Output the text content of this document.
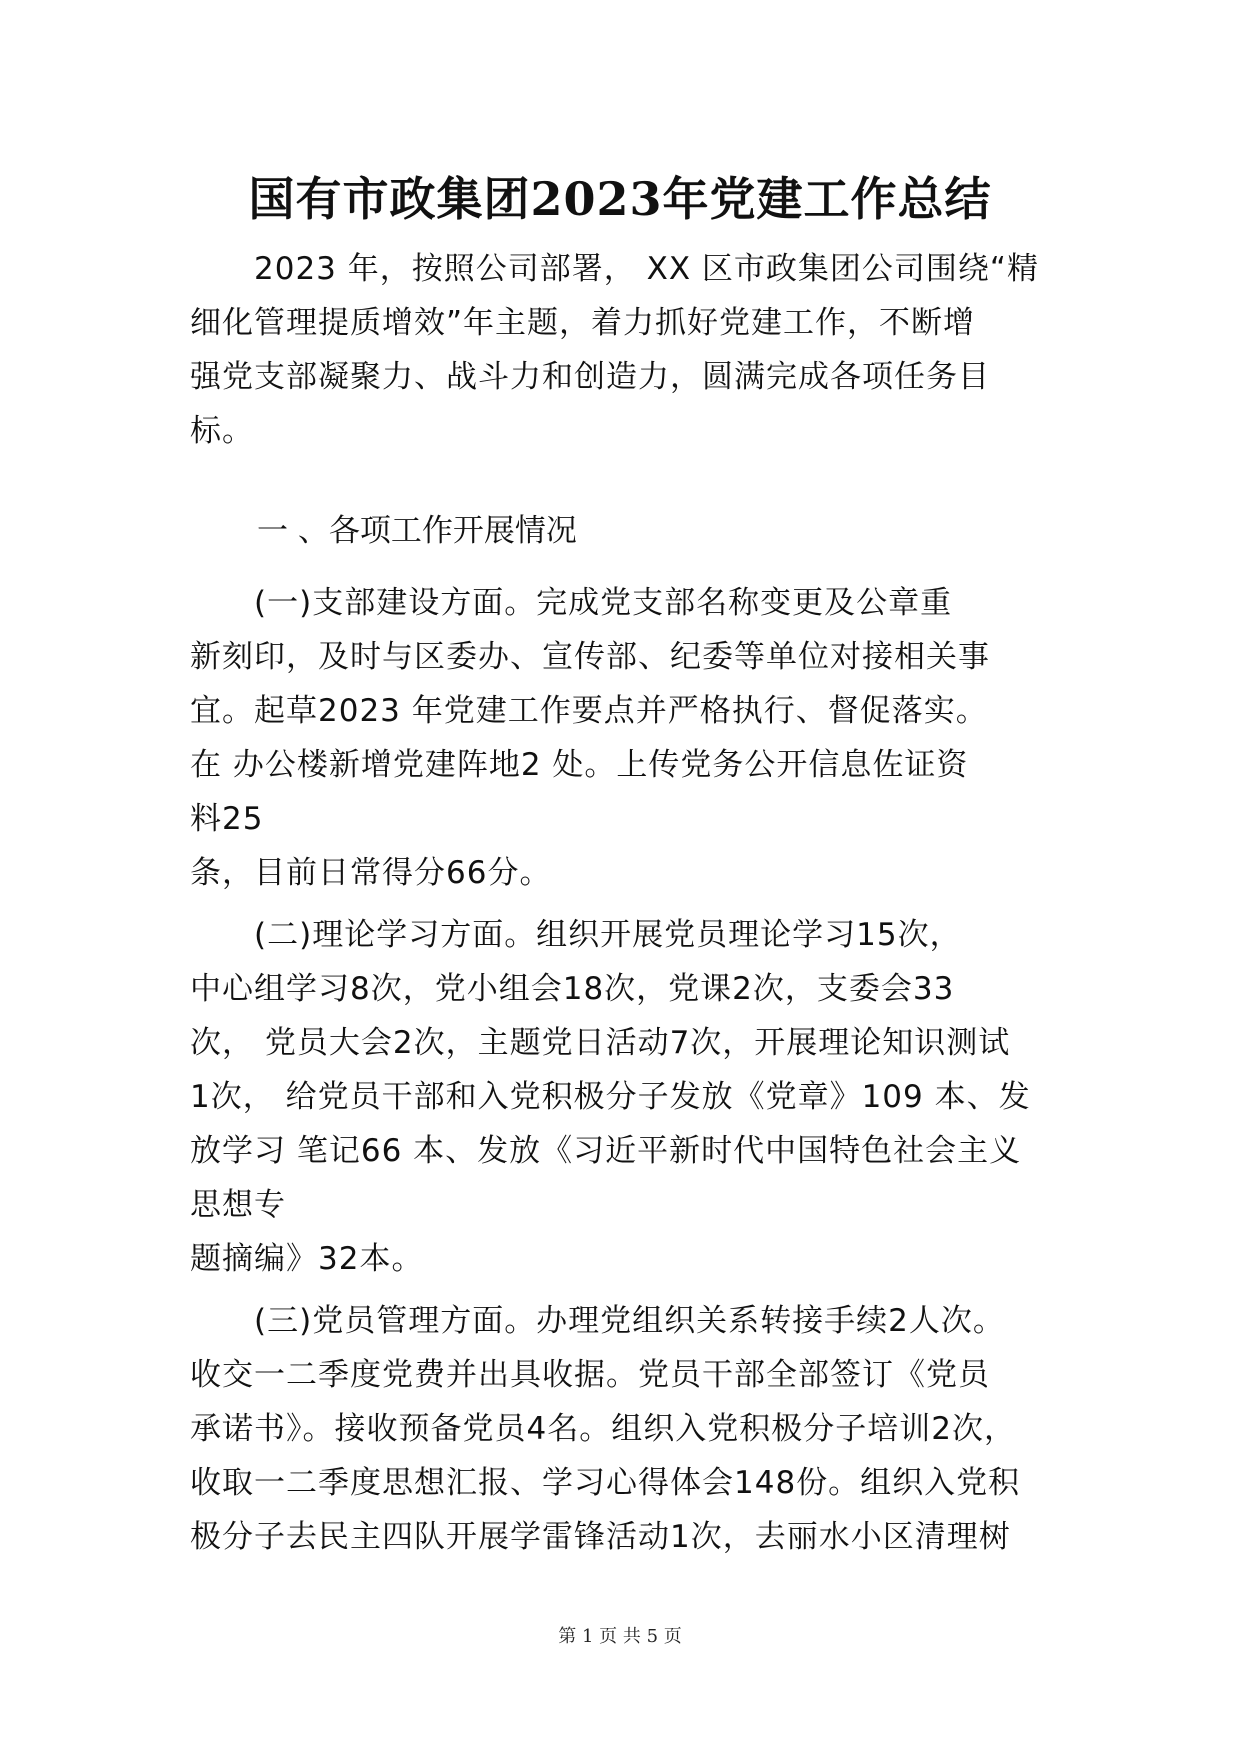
国有市政集团2023年党建工作总结

　　2023 年，按照公司部署， XX 区市政集团公司围绕“精
细化管理提质增效”年主题，着力抓好党建工作，不断增
强党支部凝聚力、战斗力和创造力，圆满完成各项任务目
标。

一 、各项工作开展情况

　　(一)支部建设方面。完成党支部名称变更及公章重
新刻印，及时与区委办、宣传部、纪委等单位对接相关事
宜。起草2023 年党建工作要点并严格执行、督促落实。
在 办公楼新增党建阵地2 处。上传党务公开信息佐证资
料25
条，目前日常得分66分。

　　(二)理论学习方面。组织开展党员理论学习15次，
中心组学习8次，党小组会18次，党课2次，支委会33
次， 党员大会2次，主题党日活动7次，开展理论知识测试
1次， 给党员干部和入党积极分子发放《党章》109 本、发
放学习 笔记66 本、发放《习近平新时代中国特色社会主义
思想专
题摘编》32本。

　　(三)党员管理方面。办理党组织关系转接手续2人次。
收交一二季度党费并出具收据。党员干部全部签订《党员
承诺书》。接收预备党员4名。组织入党积极分子培训2次，
收取一二季度思想汇报、学习心得体会148份。组织入党积
极分子去民主四队开展学雷锋活动1次，去丽水小区清理树

第 1 页 共 5 页
